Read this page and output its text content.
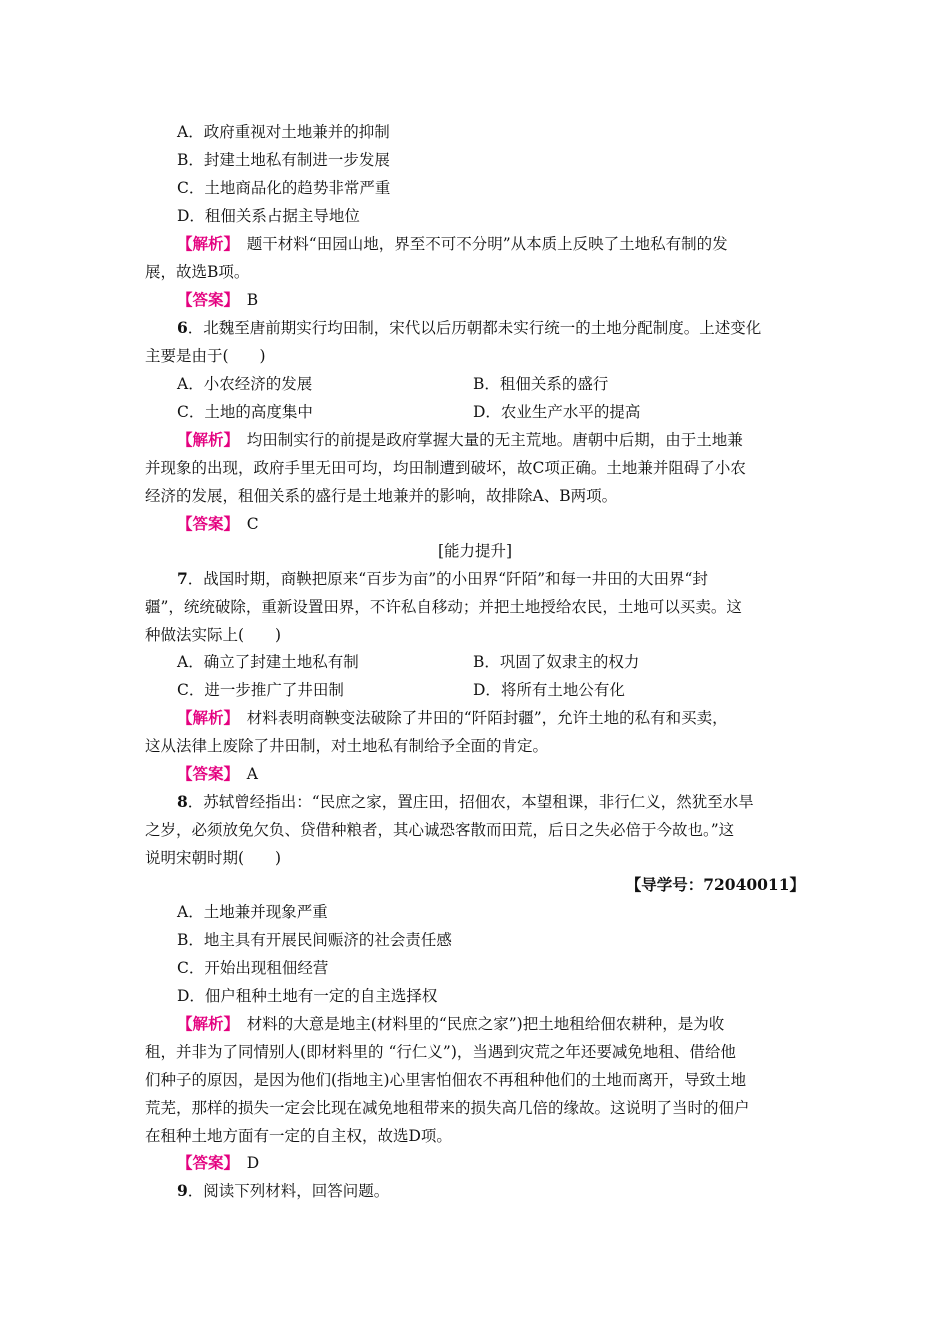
A．政府重视对土地兼并的抑制
B．封建土地私有制进一步发展
C．土地商品化的趋势非常严重
D．租佃关系占据主导地位
【解析】　 题干材料“田园山地，界至不可不分明”从本质上反映了土地私有制的发
展，故选B项。
【答案】　 B
6．北魏至唐前期实行均田制，宋代以后历朝都未实行统一的土地分配制度。上述变化
主要是由于(　　)
A．小农经济的发展	B．租佃关系的盛行
C．土地的高度集中	D．农业生产水平的提高
【解析】　 均田制实行的前提是政府掌握大量的无主荒地。唐朝中后期，由于土地兼
并现象的出现，政府手里无田可均，均田制遭到破坏，故C项正确。土地兼并阻碍了小农
经济的发展，租佃关系的盛行是土地兼并的影响，故排除A、B两项。
【答案】　 C
[能力提升]
7．战国时期，商鞅把原来“百步为亩”的小田界“阡陌”和每一井田的大田界“封
疆”，统统破除，重新设置田界，不许私自移动；并把土地授给农民，土地可以买卖。这
种做法实际上(　　)
A．确立了封建土地私有制	B．巩固了奴隶主的权力
C．进一步推广了井田制	D．将所有土地公有化
【解析】　 材料表明商鞅变法破除了井田的“阡陌封疆”，允许土地的私有和买卖，
这从法律上废除了井田制，对土地私有制给予全面的肯定。
【答案】　 A
8．苏轼曾经指出：“民庶之家，置庄田，招佃农，本望租课，非行仁义，然犹至水旱
之岁，必须放免欠负、贷借种粮者，其心诚恐客散而田荒，后日之失必倍于今故也。”这
说明宋朝时期(　　)
【导学号：72040011】
A．土地兼并现象严重
B．地主具有开展民间赈济的社会责任感
C．开始出现租佃经营
D．佃户租种土地有一定的自主选择权
【解析】　 材料的大意是地主(材料里的“民庶之家”)把土地租给佃农耕种，是为收
租，并非为了同情别人(即材料里的 “行仁义”)，当遇到灾荒之年还要减免地租、借给他
们种子的原因，是因为他们(指地主)心里害怕佃农不再租种他们的土地而离开，导致土地
荒芜，那样的损失一定会比现在减免地租带来的损失高几倍的缘故。这说明了当时的佃户
在租种土地方面有一定的自主权，故选D项。
【答案】　 D
9．阅读下列材料，回答问题。
